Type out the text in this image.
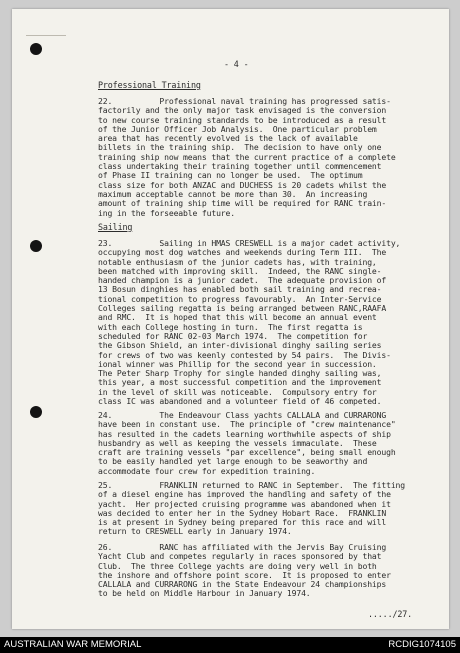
- 4 -
Professional Training
22.          Professional naval training has progressed satis-
factorily and the only major task envisaged is the conversion
to new course training standards to be introduced as a result
of the Junior Officer Job Analysis.  One particular problem
area that has recently evolved is the lack of available
billets in the training ship.  The decision to have only one
training ship now means that the current practice of a complete
class undertaking their training together until commencement
of Phase II training can no longer be used.  The optimum
class size for both ANZAC and DUCHESS is 20 cadets whilst the
maximum acceptable cannot be more than 30.  An increasing
amount of training ship time will be required for RANC train-
ing in the forseeable future.
Sailing
23.          Sailing in HMAS CRESWELL is a major cadet activity,
occupying most dog watches and weekends during Term III.  The
notable enthusiasm of the junior cadets has, with training,
been matched with improving skill.  Indeed, the RANC single-
handed champion is a junior cadet.  The adequate provision of
13 Bosun dinghies has enabled both sail training and recrea-
tional competition to progress favourably.  An Inter-Service
Colleges sailing regatta is being arranged between RANC,RAAFA
and RMC.  It is hoped that this will become an annual event
with each College hosting in turn.  The first regatta is
scheduled for RANC 02-03 March 1974.  The competition for
the Gibson Shield, an inter-divisional dinghy sailing series
for crews of two was keenly contested by 54 pairs.  The Divis-
ional winner was Phillip for the second year in succession.
The Peter Sharp Trophy for single handed dinghy sailing was,
this year, a most successful competition and the improvement
in the level of skill was noticeable.  Compulsory entry for
class IC was abandoned and a volunteer field of 46 competed.
24.          The Endeavour Class yachts CALLALA and CURRARONG
have been in constant use.  The principle of "crew maintenance"
has resulted in the cadets learning worthwhile aspects of ship
husbandry as well as keeping the vessels immaculate.  These
craft are training vessels "par excellence", being small enough
to be easily handled yet large enough to be seaworthy and
accommodate four crew for expedition training.
25.          FRANKLIN returned to RANC in September.  The fitting
of a diesel engine has improved the handling and safety of the
yacht.  Her projected cruising programme was abandoned when it
was decided to enter her in the Sydney Hobart Race.  FRANKLIN
is at present in Sydney being prepared for this race and will
return to CRESWELL early in January 1974.
26.          RANC has affiliated with the Jervis Bay Cruising
Yacht Club and competes regularly in races sponsored by that
Club.  The three College yachts are doing very well in both
the inshore and offshore point score.  It is proposed to enter
CALLALA and CURRARONG in the State Endeavour 24 championships
to be held on Middle Harbour in January 1974.
...../27.
AUSTRALIAN WAR MEMORIAL	RCDIG1074105
